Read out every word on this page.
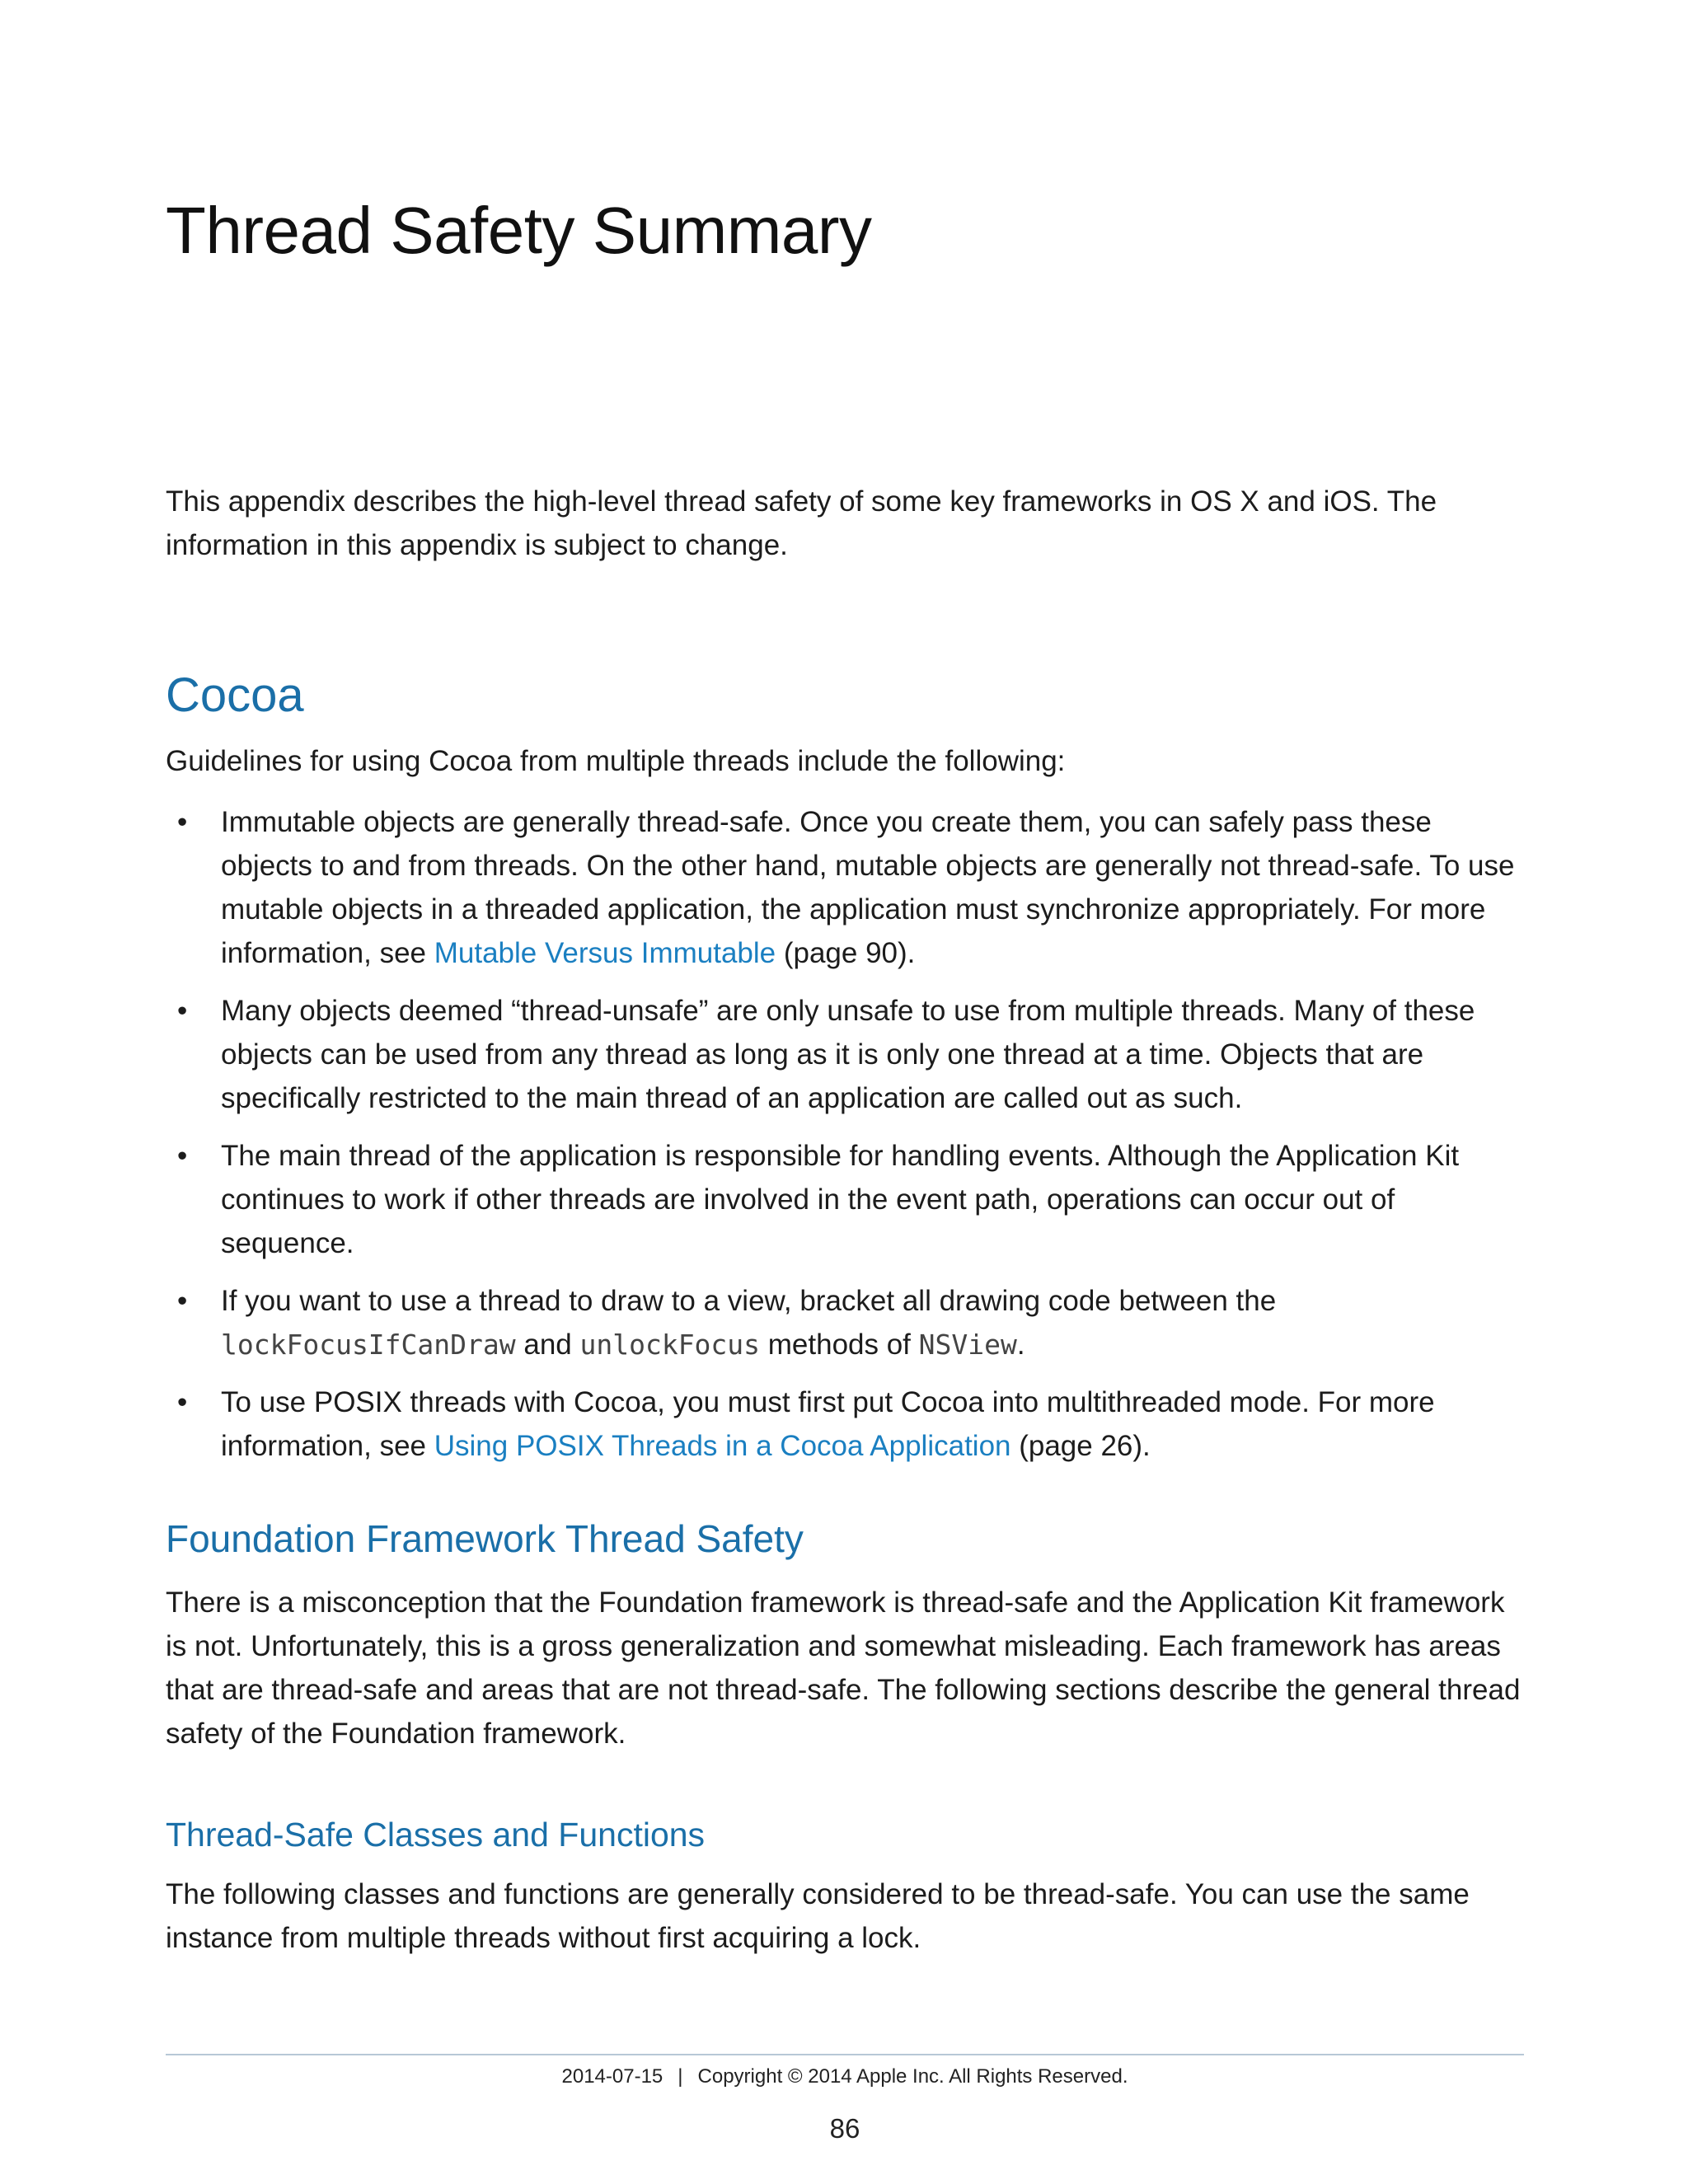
Thread Safety Summary

This appendix describes the high-level thread safety of some key frameworks in OS X and iOS. The information in this appendix is subject to change.

Cocoa

Guidelines for using Cocoa from multiple threads include the following:

• Immutable objects are generally thread-safe. Once you create them, you can safely pass these objects to and from threads. On the other hand, mutable objects are generally not thread-safe. To use mutable objects in a threaded application, the application must synchronize appropriately. For more information, see Mutable Versus Immutable (page 90).
• Many objects deemed “thread-unsafe” are only unsafe to use from multiple threads. Many of these objects can be used from any thread as long as it is only one thread at a time. Objects that are specifically restricted to the main thread of an application are called out as such.
• The main thread of the application is responsible for handling events. Although the Application Kit continues to work if other threads are involved in the event path, operations can occur out of sequence.
• If you want to use a thread to draw to a view, bracket all drawing code between the lockFocusIfCanDraw and unlockFocus methods of NSView.
• To use POSIX threads with Cocoa, you must first put Cocoa into multithreaded mode. For more information, see Using POSIX Threads in a Cocoa Application (page 26).
Foundation Framework Thread Safety

There is a misconception that the Foundation framework is thread-safe and the Application Kit framework is not. Unfortunately, this is a gross generalization and somewhat misleading. Each framework has areas that are thread-safe and areas that are not thread-safe. The following sections describe the general thread safety of the Foundation framework.

Thread-Safe Classes and Functions

The following classes and functions are generally considered to be thread-safe. You can use the same instance from multiple threads without first acquiring a lock.

2014-07-15 | Copyright © 2014 Apple Inc. All Rights Reserved.
86
